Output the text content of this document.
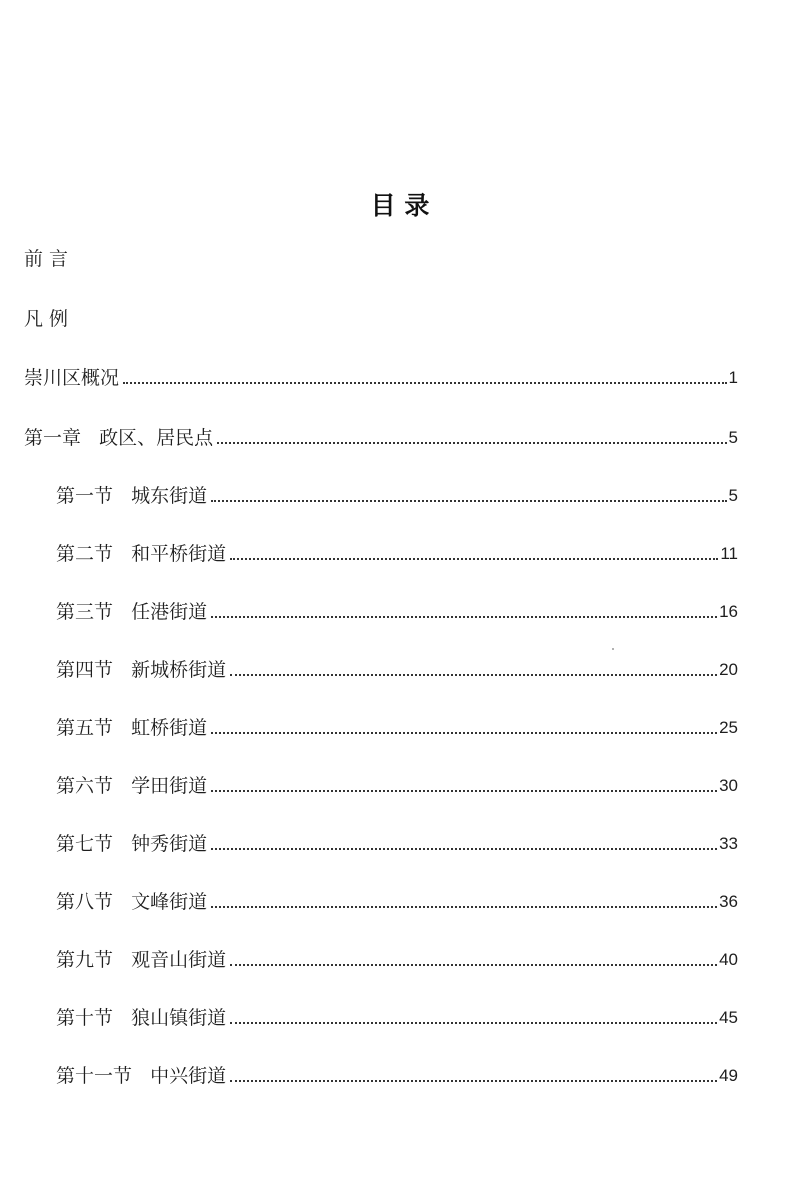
目 录
前 言
凡 例
崇川区概况	1
第一章   政区、居民点	5
第一节   城东街道	5
第二节   和平桥街道	11
第三节   任港街道	16
第四节   新城桥街道	20
第五节   虹桥街道	25
第六节   学田街道	30
第七节   钟秀街道	33
第八节   文峰街道	36
第九节   观音山街道	40
第十节   狼山镇街道	45
第十一节   中兴街道	49
